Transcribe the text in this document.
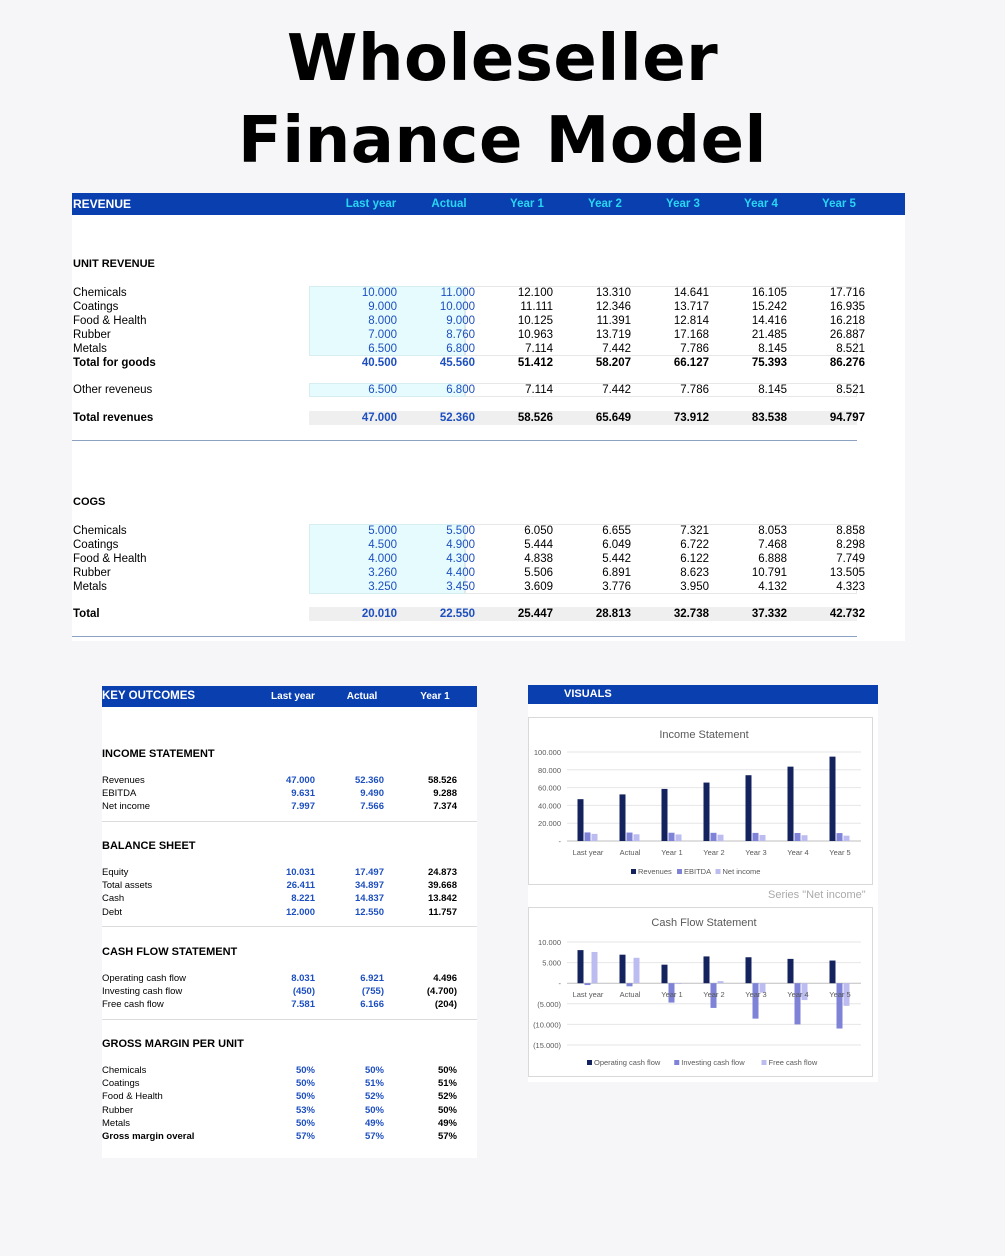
Wholeseller
Finance Model
REVENUE	Last year	Actual	Year 1	Year 2	Year 3	Year 4	Year 5
UNIT REVENUE
Chemicals	10.000	11.000	12.100	13.310	14.641	16.105	17.716
Coatings	9.000	10.000	11.111	12.346	13.717	15.242	16.935
Food & Health	8.000	9.000	10.125	11.391	12.814	14.416	16.218
Rubber	7.000	8.760	10.963	13.719	17.168	21.485	26.887
Metals	6.500	6.800	7.114	7.442	7.786	8.145	8.521
Total for goods	40.500	45.560	51.412	58.207	66.127	75.393	86.276
Other reveneus	6.500	6.800	7.114	7.442	7.786	8.145	8.521
Total revenues	47.000	52.360	58.526	65.649	73.912	83.538	94.797
COGS
Chemicals	5.000	5.500	6.050	6.655	7.321	8.053	8.858
Coatings	4.500	4.900	5.444	6.049	6.722	7.468	8.298
Food & Health	4.000	4.300	4.838	5.442	6.122	6.888	7.749
Rubber	3.260	4.400	5.506	6.891	8.623	10.791	13.505
Metals	3.250	3.450	3.609	3.776	3.950	4.132	4.323
Total	20.010	22.550	25.447	28.813	32.738	37.332	42.732
KEY OUTCOMES	Last year	Actual	Year 1
INCOME STATEMENT
Revenues	47.000	52.360	58.526
EBITDA	9.631	9.490	9.288
Net income	7.997	7.566	7.374
BALANCE SHEET
Equity	10.031	17.497	24.873
Total assets	26.411	34.897	39.668
Cash	8.221	14.837	13.842
Debt	12.000	12.550	11.757
CASH FLOW STATEMENT
Operating cash flow	8.031	6.921	4.496
Investing cash flow	(450)	(755)	(4.700)
Free cash flow	7.581	6.166	(204)
GROSS MARGIN PER UNIT
Chemicals	50%	50%	50%
Coatings	50%	51%	51%
Food & Health	50%	52%	52%
Rubber	53%	50%	50%
Metals	50%	49%	49%
Gross margin overal	57%	57%	57%
VISUALS
Income Statement
-
20.000
40.000
60.000
80.000
100.000
Last year Actual	Year 1	Year 2	Year 3	Year 4	Year 5
Revenues EBITDA Net income
Series "Net income"
Cash Flow Statement
(15.000)
(10.000)
(5.000)
-
5.000
10.000
Last year Actual	Year 1	Year 2	Year 3	Year 4	Year 5
Operating cash flow	Investing cash flow	Free cash flow
